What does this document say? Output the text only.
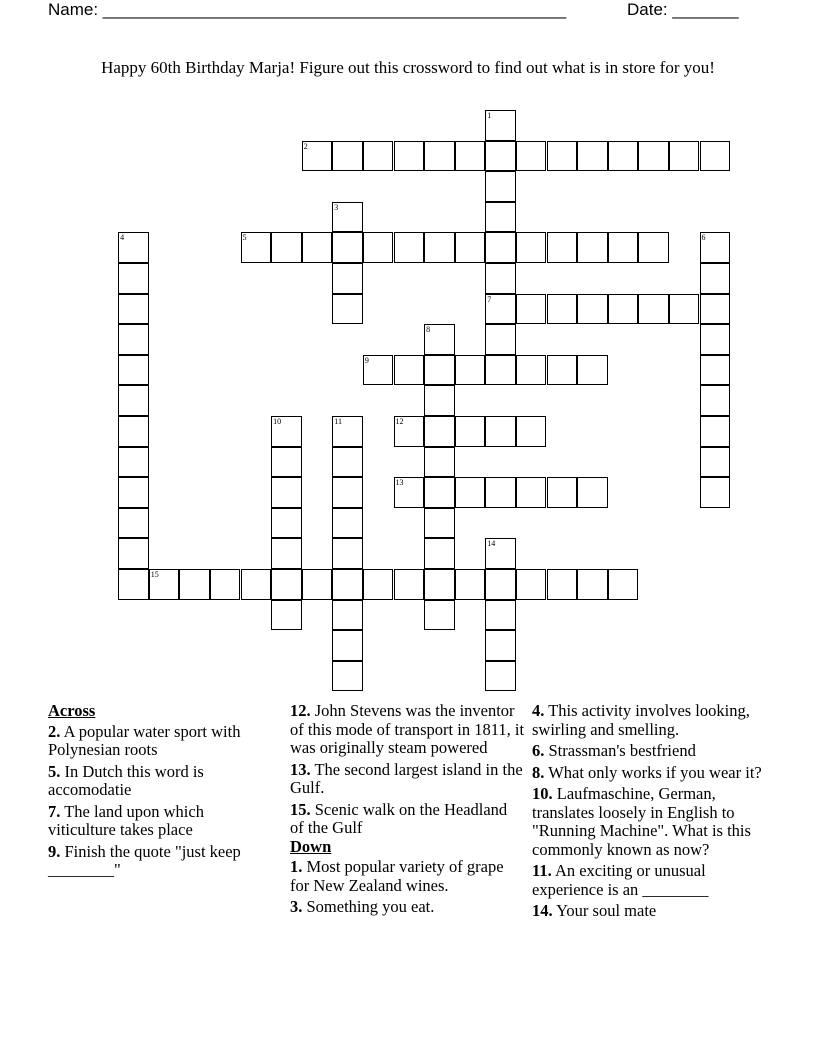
Name: _________________________________________________	Date: _______
Happy 60th Birthday Marja! Figure out this crossword to find out what is in store for you!
1
2
3
4	5	6
7
8
9
10	11	12
13
14
15
Across
2. A popular water sport with Polynesian roots
5. In Dutch this word is accomodatie
7. The land upon which viticulture takes place
9. Finish the quote "just keep ________"
12. John Stevens was the inventor of this mode of transport in 1811, it was originally steam powered
13. The second largest island in the Gulf.
15. Scenic walk on the Headland of the Gulf
Down
1. Most popular variety of grape for New Zealand wines.
3. Something you eat.
4. This activity involves looking, swirling and smelling.
6. Strassman's bestfriend
8. What only works if you wear it?
10. Laufmaschine, German, translates loosely in English to "Running Machine". What is this commonly known as now?
11. An exciting or unusual experience is an ________
14. Your soul mate
